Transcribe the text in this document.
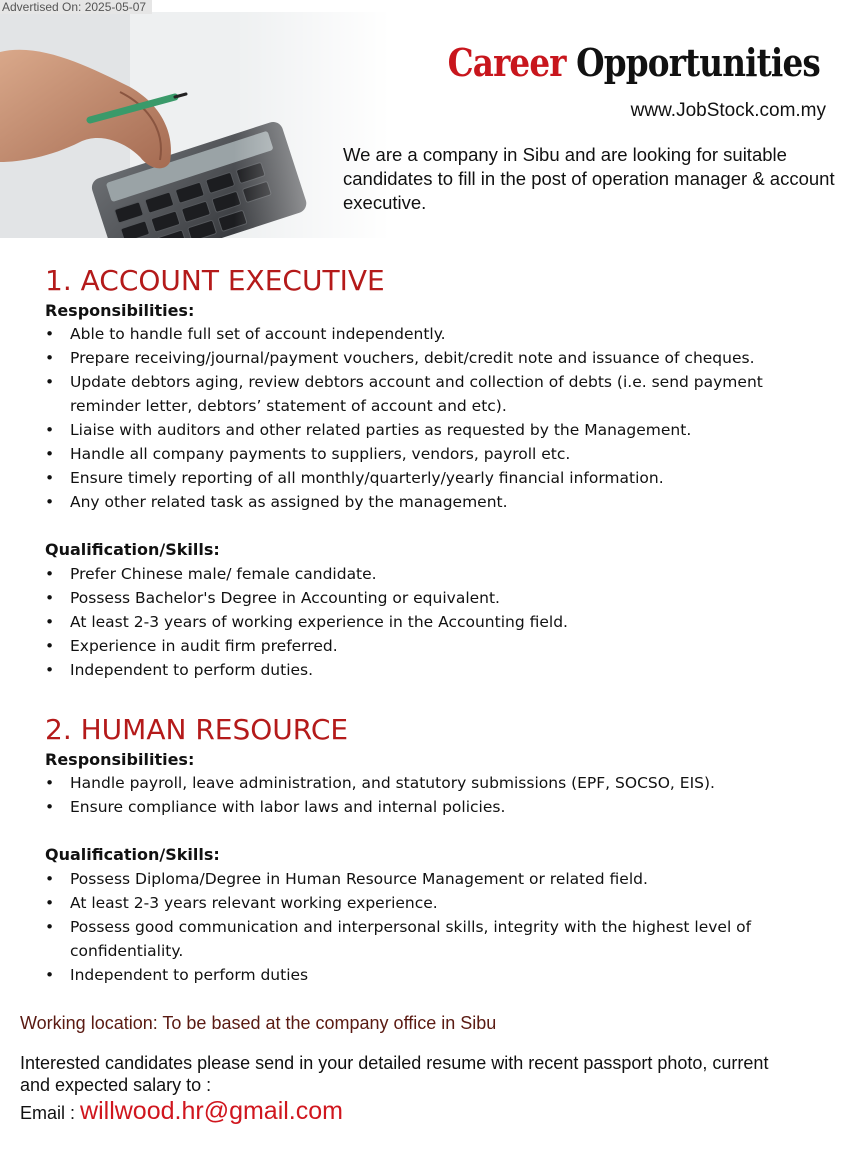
Advertised On: 2025-05-07
Career Opportunities
www.JobStock.com.my

We are a company in Sibu and are looking for suitable candidates to fill in the post of operation manager & account executive.

1. ACCOUNT EXECUTIVE
Responsibilities:
• Able to handle full set of account independently.
• Prepare receiving/journal/payment vouchers, debit/credit note and issuance of cheques.
• Update debtors aging, review debtors account and collection of debts (i.e. send payment reminder letter, debtors’ statement of account and etc).
• Liaise with auditors and other related parties as requested by the Management.
• Handle all company payments to suppliers, vendors, payroll etc.
• Ensure timely reporting of all monthly/quarterly/yearly financial information.
• Any other related task as assigned by the management.
Qualification/Skills:
• Prefer Chinese male/ female candidate.
• Possess Bachelor's Degree in Accounting or equivalent.
• At least 2-3 years of working experience in the Accounting field.
• Experience in audit firm preferred.
• Independent to perform duties.
2. HUMAN RESOURCE
Responsibilities:
• Handle payroll, leave administration, and statutory submissions (EPF, SOCSO, EIS).
• Ensure compliance with labor laws and internal policies.
Qualification/Skills:
• Possess Diploma/Degree in Human Resource Management or related field.
• At least 2-3 years relevant working experience.
• Possess good communication and interpersonal skills, integrity with the highest level of confidentiality.
• Independent to perform duties

Working location: To be based at the company office in Sibu

Interested candidates please send in your detailed resume with recent passport photo, current and expected salary to :

Email : willwood.hr@gmail.com
